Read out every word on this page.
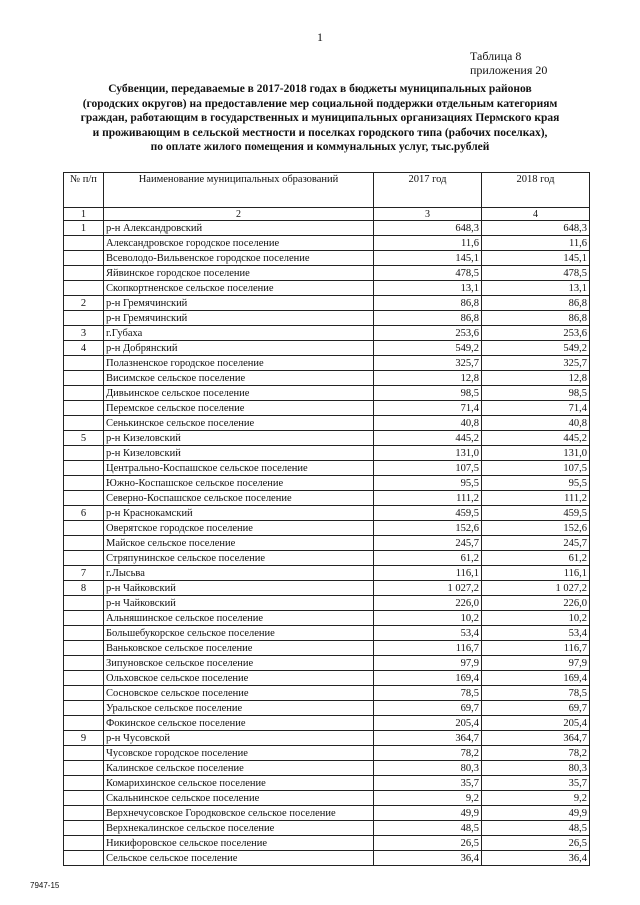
1
Таблица 8
приложения 20
Субвенции, передаваемые в 2017-2018 годах в бюджеты муниципальных районов
(городских округов) на предоставление мер социальной поддержки отдельным категориям
граждан, работающим в государственных и муниципальных организациях Пермского края
и проживающим в сельской местности и поселках городского типа (рабочих поселках),
по оплате жилого помещения и коммунальных услуг, тыс.рублей
№ п/п	Наименование муниципальных образований	2017 год	2018 год
1	2	3	4
1	р-н Александровский	648,3	648,3
	Александровское городское поселение	11,6	11,6
	Всеволодо-Вильвенское городское поселение	145,1	145,1
	Яйвинское городское поселение	478,5	478,5
	Скопкортненское сельское поселение	13,1	13,1
2	р-н Гремячинский	86,8	86,8
	р-н Гремячинский	86,8	86,8
3	г.Губаха	253,6	253,6
4	р-н Добрянский	549,2	549,2
	Полазненское городское поселение	325,7	325,7
	Висимское сельское поселение	12,8	12,8
	Дивьинское сельское поселение	98,5	98,5
	Перемское сельское поселение	71,4	71,4
	Сенькинское сельское поселение	40,8	40,8
5	р-н Кизеловский	445,2	445,2
	р-н Кизеловский	131,0	131,0
	Центрально-Коспашское сельское поселение	107,5	107,5
	Южно-Коспашское сельское поселение	95,5	95,5
	Северно-Коспашское сельское поселение	111,2	111,2
6	р-н Краснокамский	459,5	459,5
	Оверятское городское поселение	152,6	152,6
	Майское сельское поселение	245,7	245,7
	Стряпунинское сельское поселение	61,2	61,2
7	г.Лысьва	116,1	116,1
8	р-н Чайковский	1 027,2	1 027,2
	р-н Чайковский	226,0	226,0
	Альняшинское сельское поселение	10,2	10,2
	Большебукорское сельское поселение	53,4	53,4
	Ваньковское сельское поселение	116,7	116,7
	Зипуновское сельское поселение	97,9	97,9
	Ольховское сельское поселение	169,4	169,4
	Сосновское сельское поселение	78,5	78,5
	Уральское сельское поселение	69,7	69,7
	Фокинское сельское поселение	205,4	205,4
9	р-н Чусовской	364,7	364,7
	Чусовское городское поселение	78,2	78,2
	Калинское сельское поселение	80,3	80,3
	Комарихинское сельское поселение	35,7	35,7
	Скальнинское сельское поселение	9,2	9,2
	Верхнечусовское Городковское сельское поселение	49,9	49,9
	Верхнекалинское сельское поселение	48,5	48,5
	Никифоровское сельское поселение	26,5	26,5
	Сельское сельское поселение	36,4	36,4
7947-15
